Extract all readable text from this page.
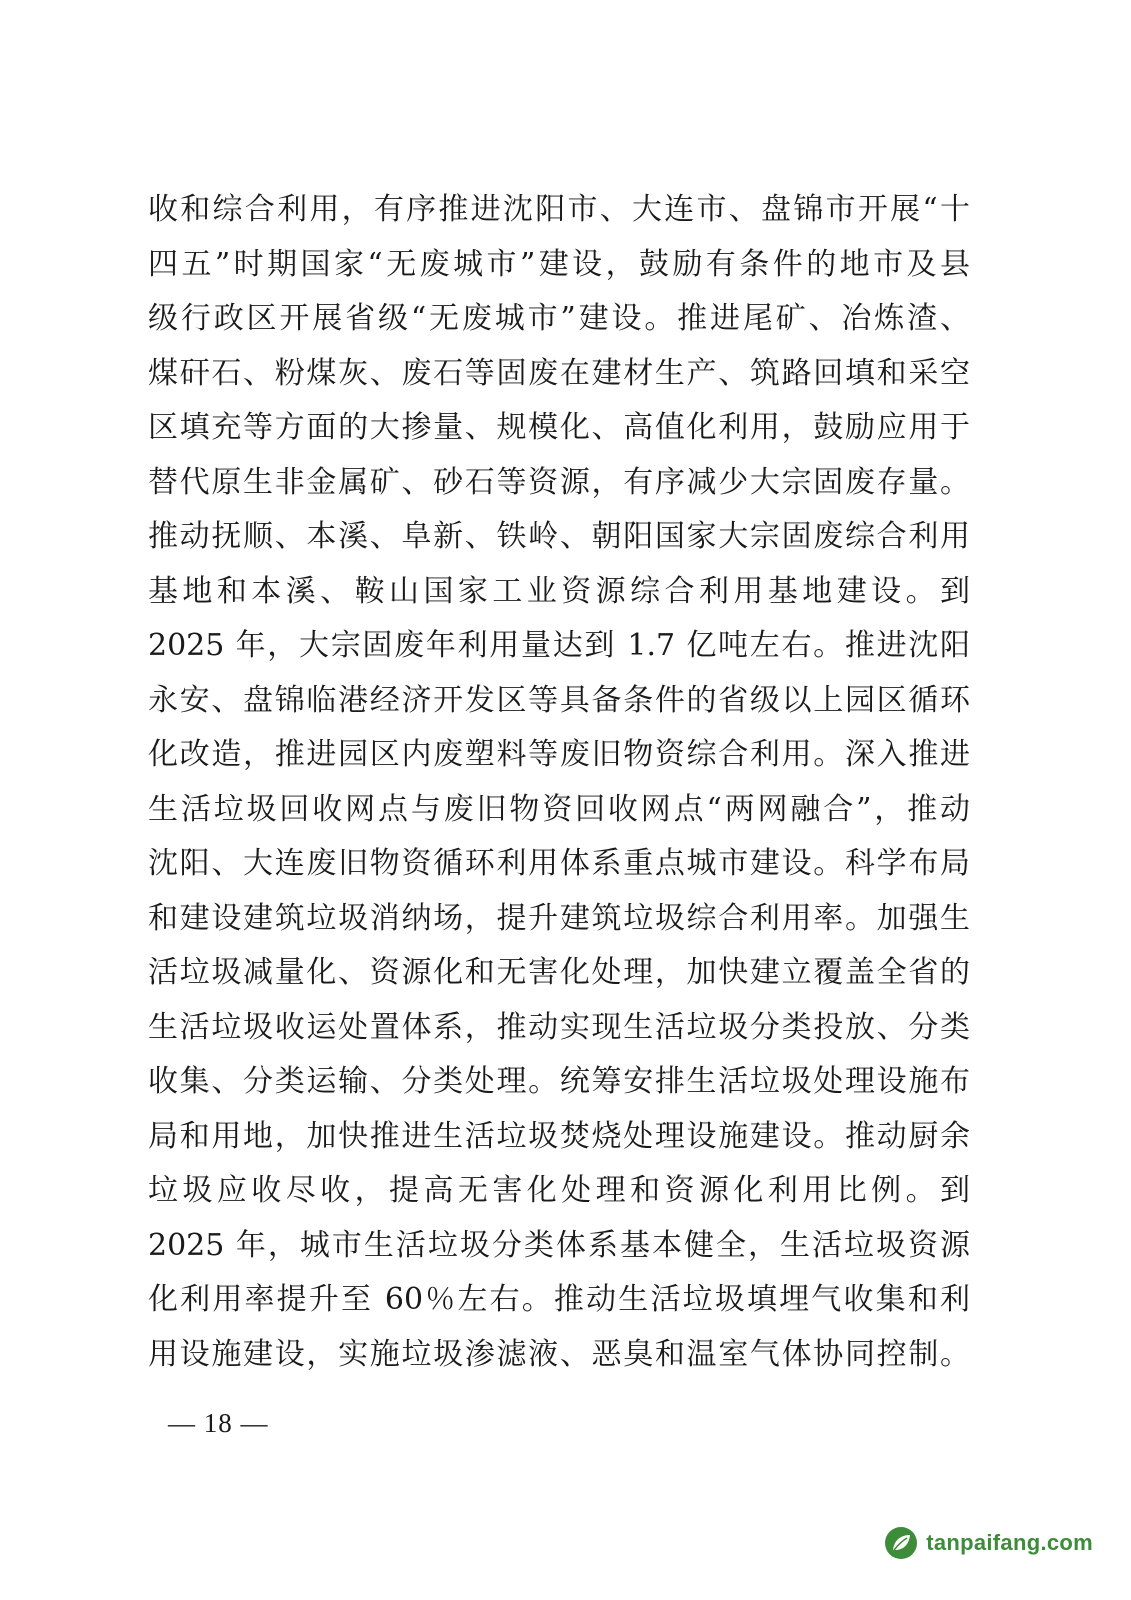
收和综合利用，有序推进沈阳市、大连市、盘锦市开展“十
四五”时期国家“无废城市”建设，鼓励有条件的地市及县
级行政区开展省级“无废城市”建设。推进尾矿、冶炼渣、
煤矸石、粉煤灰、废石等固废在建材生产、筑路回填和采空
区填充等方面的大掺量、规模化、高值化利用，鼓励应用于
替代原生非金属矿、砂石等资源，有序减少大宗固废存量。
推动抚顺、本溪、阜新、铁岭、朝阳国家大宗固废综合利用
基地和本溪、鞍山国家工业资源综合利用基地建设。到
2025 年，大宗固废年利用量达到 1.7 亿吨左右。推进沈阳
永安、盘锦临港经济开发区等具备条件的省级以上园区循环
化改造，推进园区内废塑料等废旧物资综合利用。深入推进
生活垃圾回收网点与废旧物资回收网点“两网融合”，推动
沈阳、大连废旧物资循环利用体系重点城市建设。科学布局
和建设建筑垃圾消纳场，提升建筑垃圾综合利用率。加强生
活垃圾减量化、资源化和无害化处理，加快建立覆盖全省的
生活垃圾收运处置体系，推动实现生活垃圾分类投放、分类
收集、分类运输、分类处理。统筹安排生活垃圾处理设施布
局和用地，加快推进生活垃圾焚烧处理设施建设。推动厨余
垃圾应收尽收，提高无害化处理和资源化利用比例。到
2025 年，城市生活垃圾分类体系基本健全，生活垃圾资源
化利用率提升至 60％左右。推动生活垃圾填埋气收集和利
用设施建设，实施垃圾渗滤液、恶臭和温室气体协同控制。
— 18 —
tanpaifang.com
